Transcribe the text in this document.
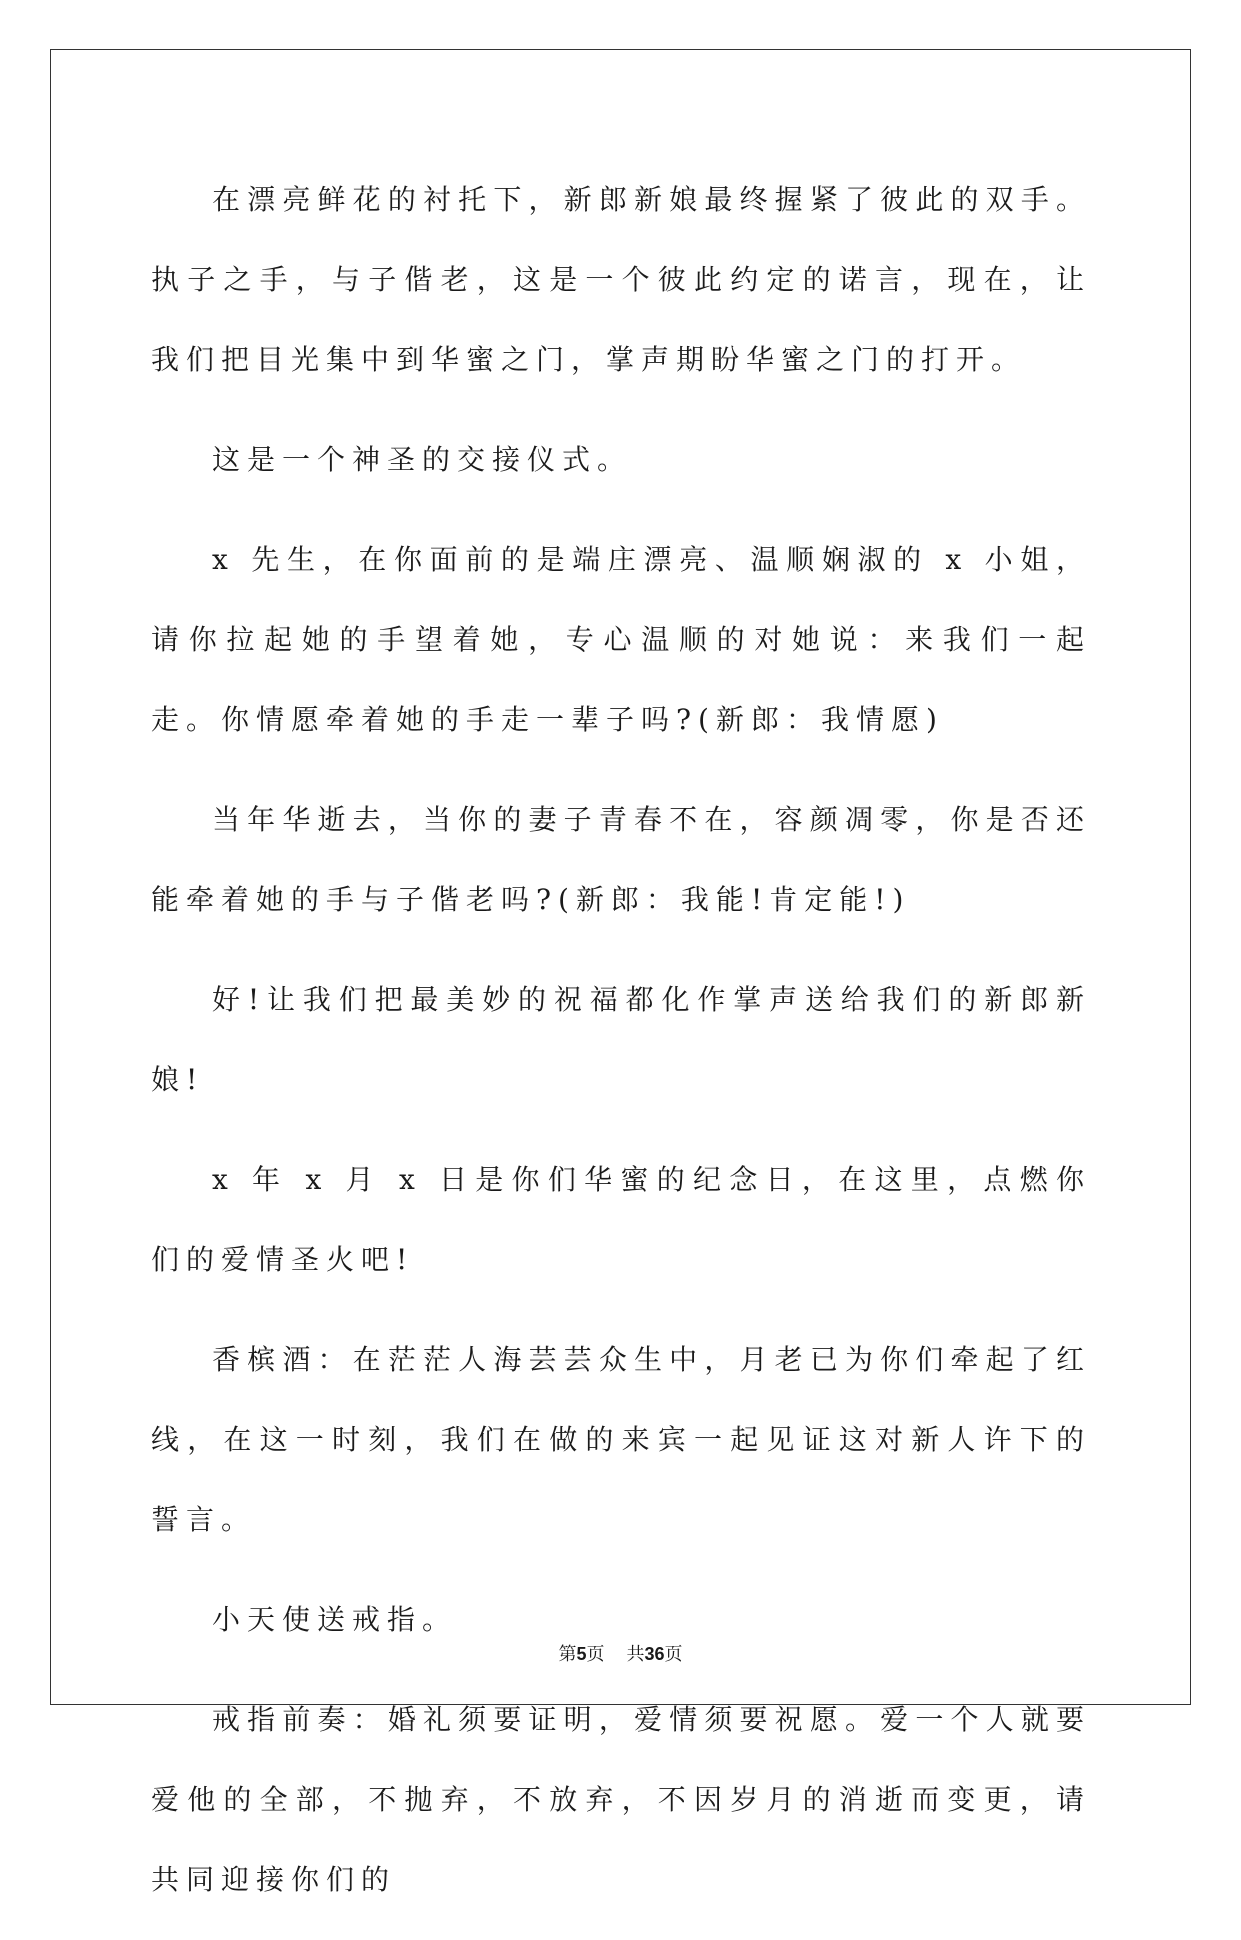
在漂亮鲜花的衬托下，新郎新娘最终握紧了彼此的双手。执子之手，与子偕老，这是一个彼此约定的诺言，现在，让我们把目光集中到华蜜之门，掌声期盼华蜜之门的打开。

这是一个神圣的交接仪式。

x 先生，在你面前的是端庄漂亮、温顺娴淑的 x 小姐，请你拉起她的手望着她，专心温顺的对她说：来我们一起走。你情愿牵着她的手走一辈子吗?(新郎：我情愿)

当年华逝去，当你的妻子青春不在，容颜凋零，你是否还能牵着她的手与子偕老吗?(新郎：我能!肯定能!)

好!让我们把最美妙的祝福都化作掌声送给我们的新郎新娘!

x 年 x 月 x 日是你们华蜜的纪念日，在这里，点燃你们的爱情圣火吧!

香槟酒：在茫茫人海芸芸众生中，月老已为你们牵起了红线，在这一时刻，我们在做的来宾一起见证这对新人许下的誓言。

小天使送戒指。

戒指前奏：婚礼须要证明，爱情须要祝愿。爱一个人就要爱他的全部，不抛弃，不放弃，不因岁月的消逝而变更，请共同迎接你们的

第5页 共36页
